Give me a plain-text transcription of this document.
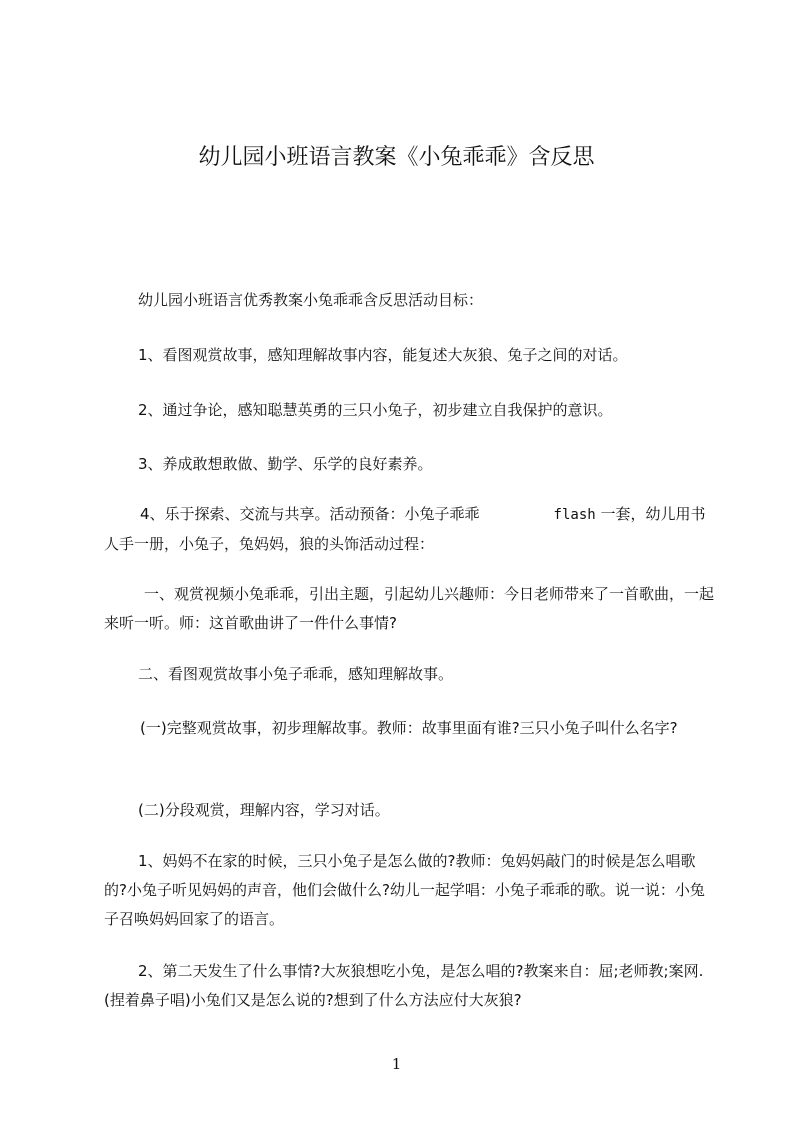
幼儿园小班语言教案《小兔乖乖》含反思

幼儿园小班语言优秀教案小兔乖乖含反思活动目标：

1、看图观赏故事，感知理解故事内容，能复述大灰狼、兔子之间的对话。

2、通过争论，感知聪慧英勇的三只小兔子，初步建立自我保护的意识。

3、养成敢想敢做、勤学、乐学的良好素养。

4、乐于探索、交流与共享。活动预备：小兔子乖乖	flash 一套，幼儿用书人手一册，小兔子，兔妈妈，狼的头饰活动过程：

一、观赏视频小兔乖乖，引出主题，引起幼儿兴趣师：今日老师带来了一首歌曲，一起来听一听。师：这首歌曲讲了一件什么事情?

二、看图观赏故事小兔子乖乖，感知理解故事。

(一)完整观赏故事，初步理解故事。教师：故事里面有谁?三只小兔子叫什么名字?

(二)分段观赏，理解内容，学习对话。

1、妈妈不在家的时候，三只小兔子是怎么做的?教师：兔妈妈敲门的时候是怎么唱歌的?小兔子听见妈妈的声音，他们会做什么?幼儿一起学唱：小兔子乖乖的歌。说一说：小兔子召唤妈妈回家了的语言。

2、第二天发生了什么事情?大灰狼想吃小兔，是怎么唱的?教案来自：屈;老师教;案网.(捏着鼻子唱)小兔们又是怎么说的?想到了什么方法应付大灰狼?

1
